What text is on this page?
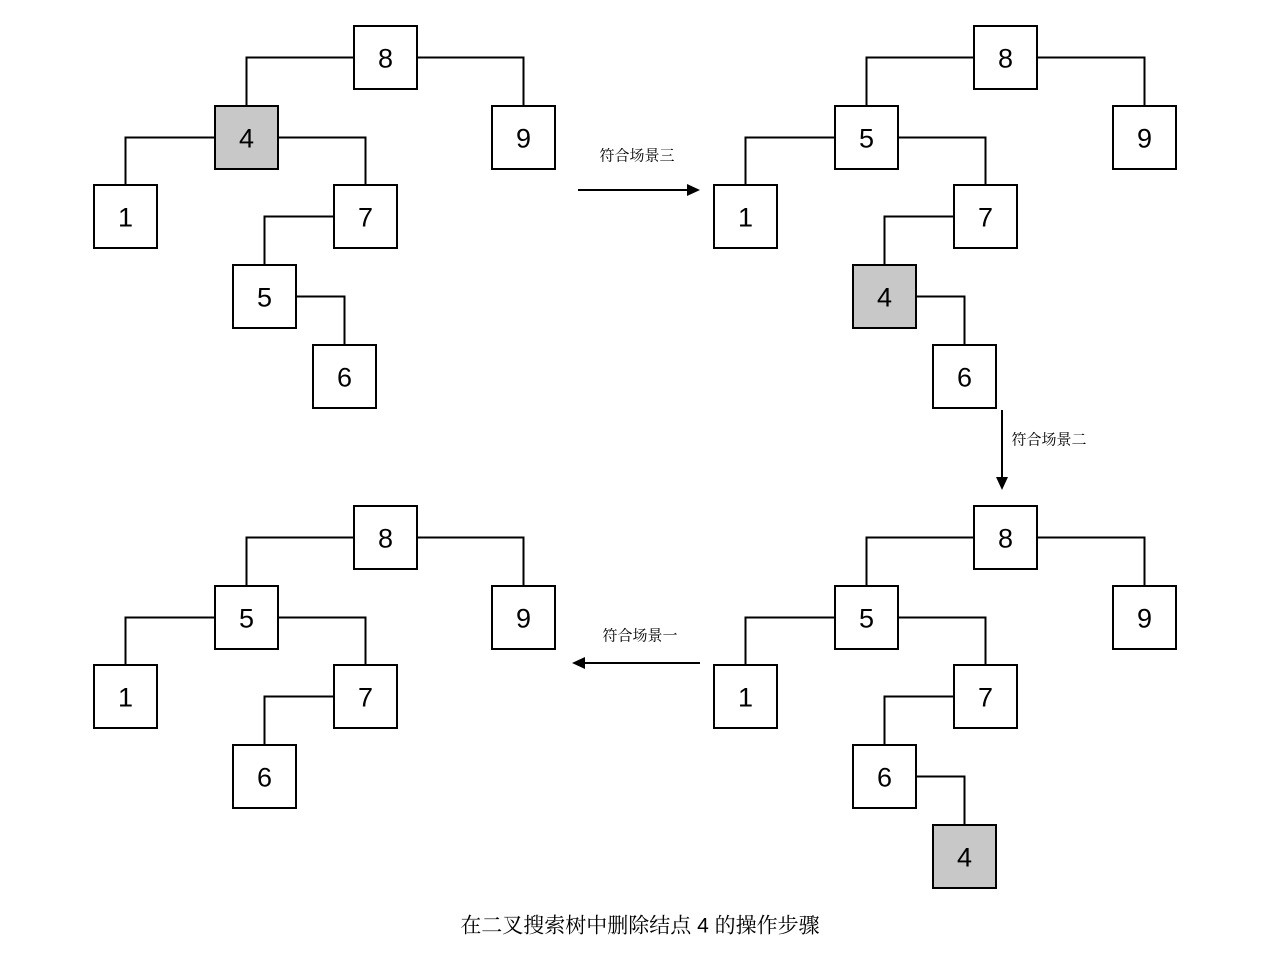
8
4	9
1	7
5
6
8
5	9
1	7
4
6
8
5	9
1	7
6
4
8
5	9
1	7
6
符合场景三
符合场景二
符合场景一
在二叉搜索树中删除结点 4 的操作步骤
